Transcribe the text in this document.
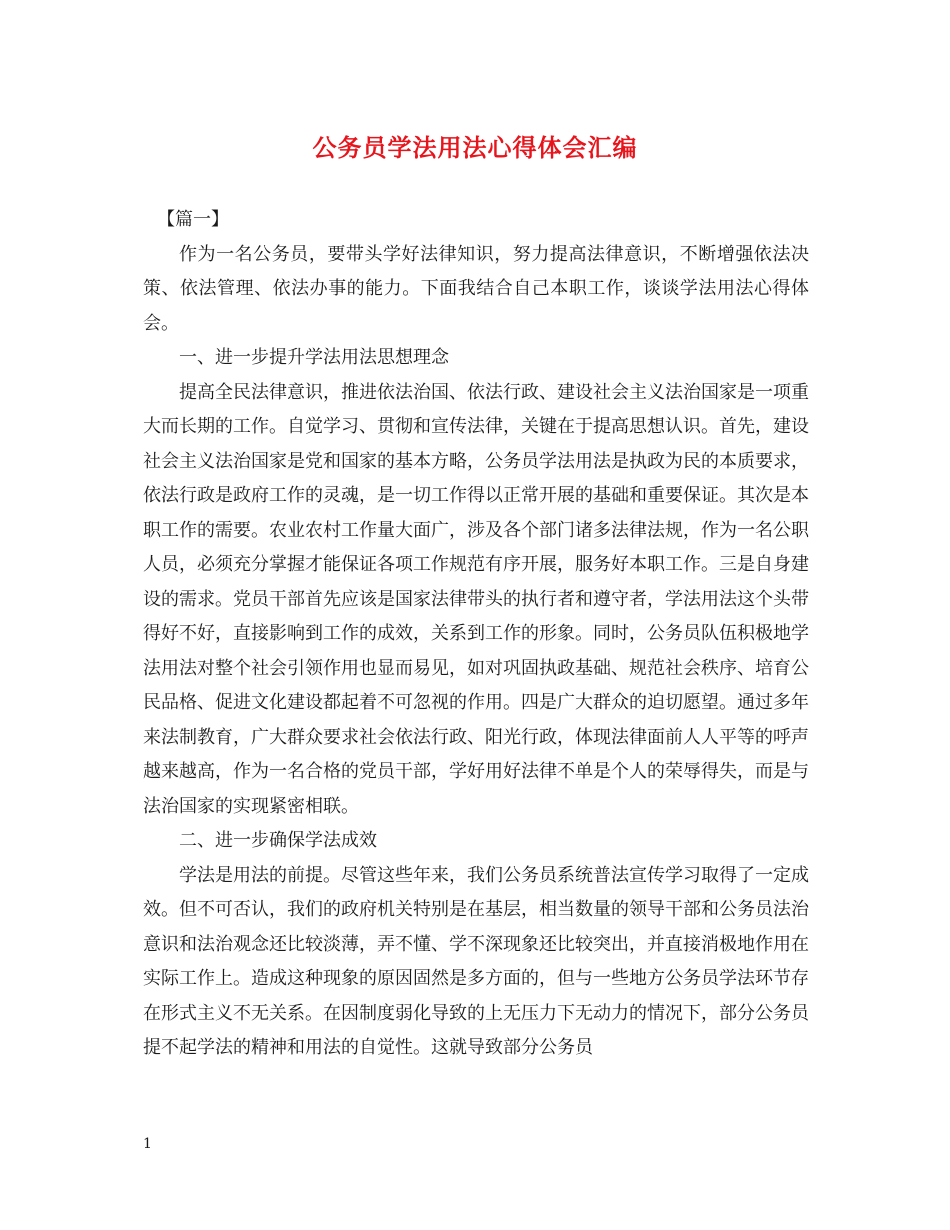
公务员学法用法心得体会汇编

【篇一】

作为一名公务员，要带头学好法律知识，努力提高法律意识，不断增强依法决策、依法管理、依法办事的能力。下面我结合自己本职工作，谈谈学法用法心得体会。

一、进一步提升学法用法思想理念

提高全民法律意识，推进依法治国、依法行政、建设社会主义法治国家是一项重大而长期的工作。自觉学习、贯彻和宣传法律，关键在于提高思想认识。首先，建设社会主义法治国家是党和国家的基本方略，公务员学法用法是执政为民的本质要求，依法行政是政府工作的灵魂，是一切工作得以正常开展的基础和重要保证。其次是本职工作的需要。农业农村工作量大面广，涉及各个部门诸多法律法规，作为一名公职人员，必须充分掌握才能保证各项工作规范有序开展，服务好本职工作。三是自身建设的需求。党员干部首先应该是国家法律带头的执行者和遵守者，学法用法这个头带得好不好，直接影响到工作的成效，关系到工作的形象。同时，公务员队伍积极地学法用法对整个社会引领作用也显而易见，如对巩固执政基础、规范社会秩序、培育公民品格、促进文化建设都起着不可忽视的作用。四是广大群众的迫切愿望。通过多年来法制教育，广大群众要求社会依法行政、阳光行政，体现法律面前人人平等的呼声越来越高，作为一名合格的党员干部，学好用好法律不单是个人的荣辱得失，而是与法治国家的实现紧密相联。

二、进一步确保学法成效

学法是用法的前提。尽管这些年来，我们公务员系统普法宣传学习取得了一定成效。但不可否认，我们的政府机关特别是在基层，相当数量的领导干部和公务员法治意识和法治观念还比较淡薄，弄不懂、学不深现象还比较突出，并直接消极地作用在实际工作上。造成这种现象的原因固然是多方面的，但与一些地方公务员学法环节存在形式主义不无关系。在因制度弱化导致的上无压力下无动力的情况下，部分公务员提不起学法的精神和用法的自觉性。这就导致部分公务员

1
